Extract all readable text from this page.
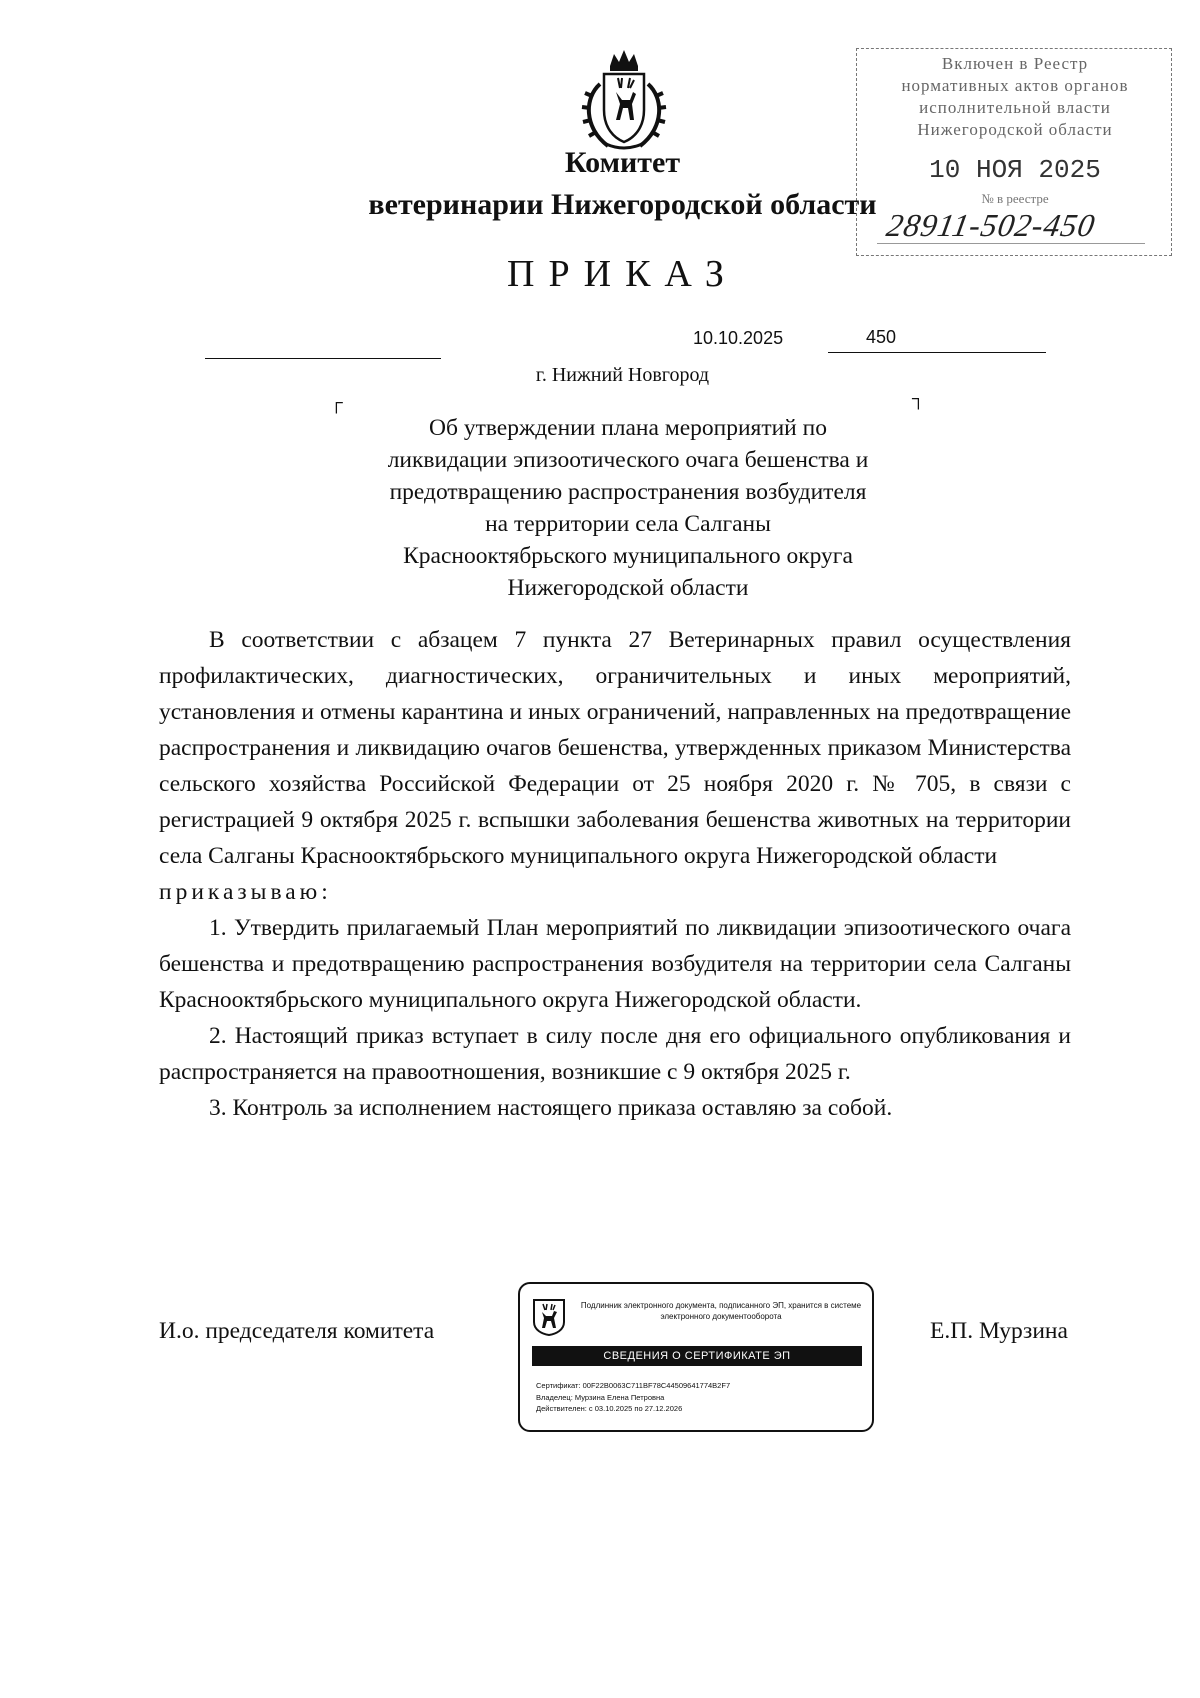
Включен в Реестр
нормативных актов органов
исполнительной власти
Нижегородской области
10 НОЯ 2025
№ в реестре
28911-502-450
Комитет
ветеринарии Нижегородской области
ПРИКАЗ
10.10.2025	450
г. Нижний Новгород
┌	┐
Об утверждении плана мероприятий по
ликвидации эпизоотического очага бешенства и
предотвращению распространения возбудителя
на территории села Салганы
Краснооктябрьского муниципального округа
Нижегородской области

В соответствии с абзацем 7 пункта 27 Ветеринарных правил осуществления профилактических, диагностических, ограничительных и иных мероприятий, установления и отмены карантина и иных ограничений, направленных на предотвращение распространения и ликвидацию очагов бешенства, утвержденных приказом Министерства сельского хозяйства Российской Федерации от 25 ноября 2020 г. № 705, в связи с регистрацией 9 октября 2025 г. вспышки заболевания бешенства животных на территории села Салганы Краснооктябрьского муниципального округа Нижегородской области

приказываю:

1. Утвердить прилагаемый План мероприятий по ликвидации эпизоотического очага бешенства и предотвращению распространения возбудителя на территории села Салганы Краснооктябрьского муниципального округа Нижегородской области.

2. Настоящий приказ вступает в силу после дня его официального опубликования и распространяется на правоотношения, возникшие с 9 октября 2025 г.

3. Контроль за исполнением настоящего приказа оставляю за собой.

И.о. председателя комитета
Подлинник электронного документа, подписанного ЭП, хранится в системе электронного документооборота
СВЕДЕНИЯ О СЕРТИФИКАТЕ ЭП
Сертификат: 00F22B0063C711BF78C44509641774B2F7
Владелец: Мурзина Елена Петровна
Действителен: с 03.10.2025 по 27.12.2026
Е.П. Мурзина
